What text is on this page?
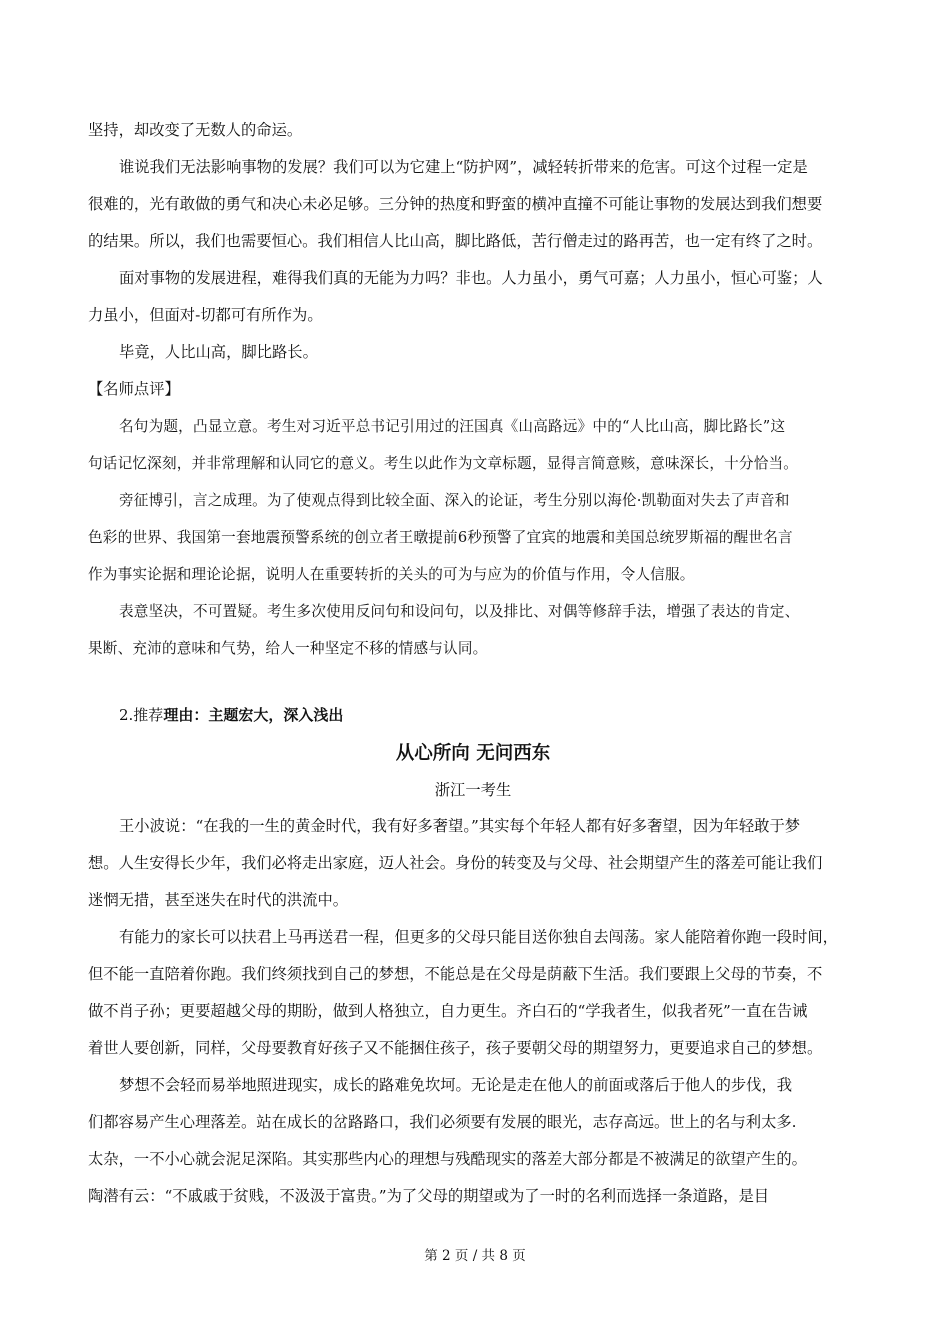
坚持，却改变了无数人的命运。
谁说我们无法影响事物的发展？我们可以为它建上“防护网”，减轻转折带来的危害。可这个过程一定是
很难的，光有敢做的勇气和决心未必足够。三分钟的热度和野蛮的横冲直撞不可能让事物的发展达到我们想要
的结果。所以，我们也需要恒心。我们相信人比山高，脚比路低，苦行僧走过的路再苦，也一定有终了之时。
面对事物的发展进程，难得我们真的无能为力吗？非也。人力虽小，勇气可嘉；人力虽小，恒心可鉴；人
力虽小，但面对-切都可有所作为。
毕竟，人比山高，脚比路长。
【名师点评】
名句为题，凸显立意。考生对习近平总书记引用过的汪国真《山高路远》中的“人比山高，脚比路长”这
句话记忆深刻，并非常理解和认同它的意义。考生以此作为文章标题，显得言简意赅，意味深长，十分恰当。
旁征博引，言之成理。为了使观点得到比较全面、深入的论证，考生分别以海伦·凯勒面对失去了声音和
色彩的世界、我国第一套地震预警系统的创立者王暾提前6秒预警了宜宾的地震和美国总统罗斯福的醒世名言
作为事实论据和理论论据，说明人在重要转折的关头的可为与应为的价值与作用，令人信服。
表意坚决，不可置疑。考生多次使用反问句和设问句，以及排比、对偶等修辞手法，增强了表达的肯定、
果断、充沛的意味和气势，给人一种坚定不移的情感与认同。
2.推荐理由：主题宏大，深入浅出
从心所向 无问西东
浙江一考生
王小波说：“在我的一生的黄金时代，我有好多奢望。”其实每个年轻人都有好多奢望，因为年轻敢于梦
想。人生安得长少年，我们必将走出家庭，迈人社会。身份的转变及与父母、社会期望产生的落差可能让我们
迷惘无措，甚至迷失在时代的洪流中。
有能力的家长可以扶君上马再送君一程，但更多的父母只能目送你独自去闯荡。家人能陪着你跑一段时间，
但不能一直陪着你跑。我们终须找到自己的梦想，不能总是在父母是荫蔽下生活。我们要跟上父母的节奏，不
做不肖子孙；更要超越父母的期盼，做到人格独立，自力更生。齐白石的“学我者生，似我者死”一直在告诫
着世人要创新，同样，父母要教育好孩子又不能捆住孩子，孩子要朝父母的期望努力，更要追求自己的梦想。
梦想不会轻而易举地照进现实，成长的路难免坎坷。无论是走在他人的前面或落后于他人的步伐，我
们都容易产生心理落差。站在成长的岔路路口，我们必须要有发展的眼光，志存高远。世上的名与利太多.
太杂，一不小心就会泥足深陷。其实那些内心的理想与残酷现实的落差大部分都是不被满足的欲望产生的。
陶潜有云：“不戚戚于贫贱，不汲汲于富贵。”为了父母的期望或为了一时的名利而选择一条道路，是目
第 2 页 / 共 8 页
